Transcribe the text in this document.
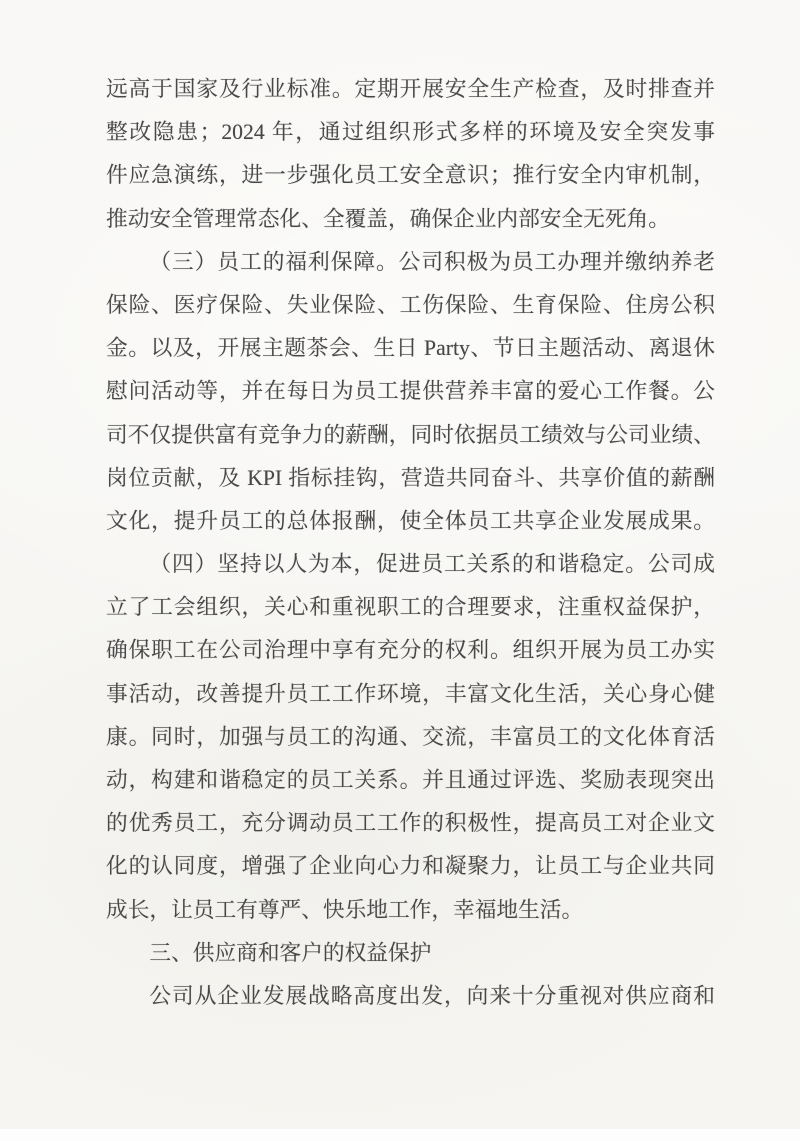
远高于国家及行业标准。定期开展安全生产检查，及时排查并
整改隐患；2024 年，通过组织形式多样的环境及安全突发事
件应急演练，进一步强化员工安全意识；推行安全内审机制，
推动安全管理常态化、全覆盖，确保企业内部安全无死角。
（三）员工的福利保障。公司积极为员工办理并缴纳养老
保险、医疗保险、失业保险、工伤保险、生育保险、住房公积
金。以及，开展主题茶会、生日 Party、节日主题活动、离退休
慰问活动等，并在每日为员工提供营养丰富的爱心工作餐。公
司不仅提供富有竞争力的薪酬，同时依据员工绩效与公司业绩、
岗位贡献，及 KPI 指标挂钩，营造共同奋斗、共享价值的薪酬
文化，提升员工的总体报酬，使全体员工共享企业发展成果。
（四）坚持以人为本，促进员工关系的和谐稳定。公司成
立了工会组织，关心和重视职工的合理要求，注重权益保护，
确保职工在公司治理中享有充分的权利。组织开展为员工办实
事活动，改善提升员工工作环境，丰富文化生活，关心身心健
康。同时，加强与员工的沟通、交流，丰富员工的文化体育活
动，构建和谐稳定的员工关系。并且通过评选、奖励表现突出
的优秀员工，充分调动员工工作的积极性，提高员工对企业文
化的认同度，增强了企业向心力和凝聚力，让员工与企业共同
成长，让员工有尊严、快乐地工作，幸福地生活。
三、供应商和客户的权益保护
公司从企业发展战略高度出发，向来十分重视对供应商和
